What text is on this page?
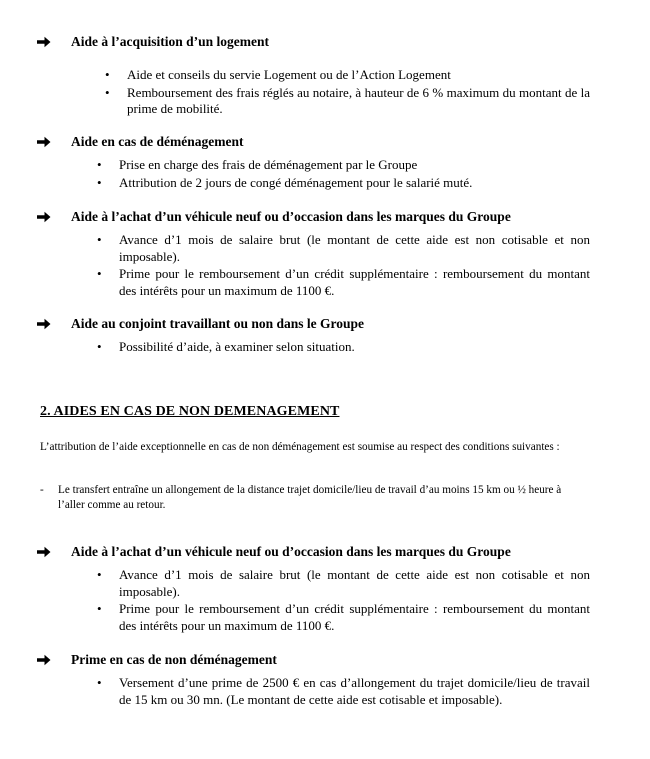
Aide à l’acquisition d’un logement
• Aide et conseils du servie Logement ou de l’Action Logement
• Remboursement des frais réglés au notaire, à hauteur de 6 % maximum du montant de la prime de mobilité.
Aide en cas de déménagement
• Prise en charge des frais de déménagement par le Groupe
• Attribution de 2 jours de congé déménagement pour le salarié muté.
Aide à l’achat d’un véhicule neuf ou d’occasion dans les marques du Groupe
• Avance d’1 mois de salaire brut (le montant de cette aide est non cotisable et non imposable).
• Prime pour le remboursement d’un crédit supplémentaire : remboursement du montant des intérêts pour un maximum de 1100 €.
Aide au conjoint travaillant ou non dans le Groupe
• Possibilité d’aide, à examiner selon situation.
2. AIDES EN CAS DE NON DEMENAGEMENT
L’attribution de l’aide exceptionnelle en cas de non déménagement est soumise au respect des conditions suivantes :
-	Le transfert entraîne un allongement de la distance trajet domicile/lieu de travail d’au moins 15 km ou ½ heure à l’aller comme au retour.
Aide à l’achat d’un véhicule neuf ou d’occasion dans les marques du Groupe
• Avance d’1 mois de salaire brut (le montant de cette aide est non cotisable et non imposable).
• Prime pour le remboursement d’un crédit supplémentaire : remboursement du montant des intérêts pour un maximum de 1100 €.
Prime en cas de non déménagement
• Versement d’une prime de 2500 € en cas d’allongement du trajet domicile/lieu de travail de 15 km ou 30 mn. (Le montant de cette aide est cotisable et imposable).
